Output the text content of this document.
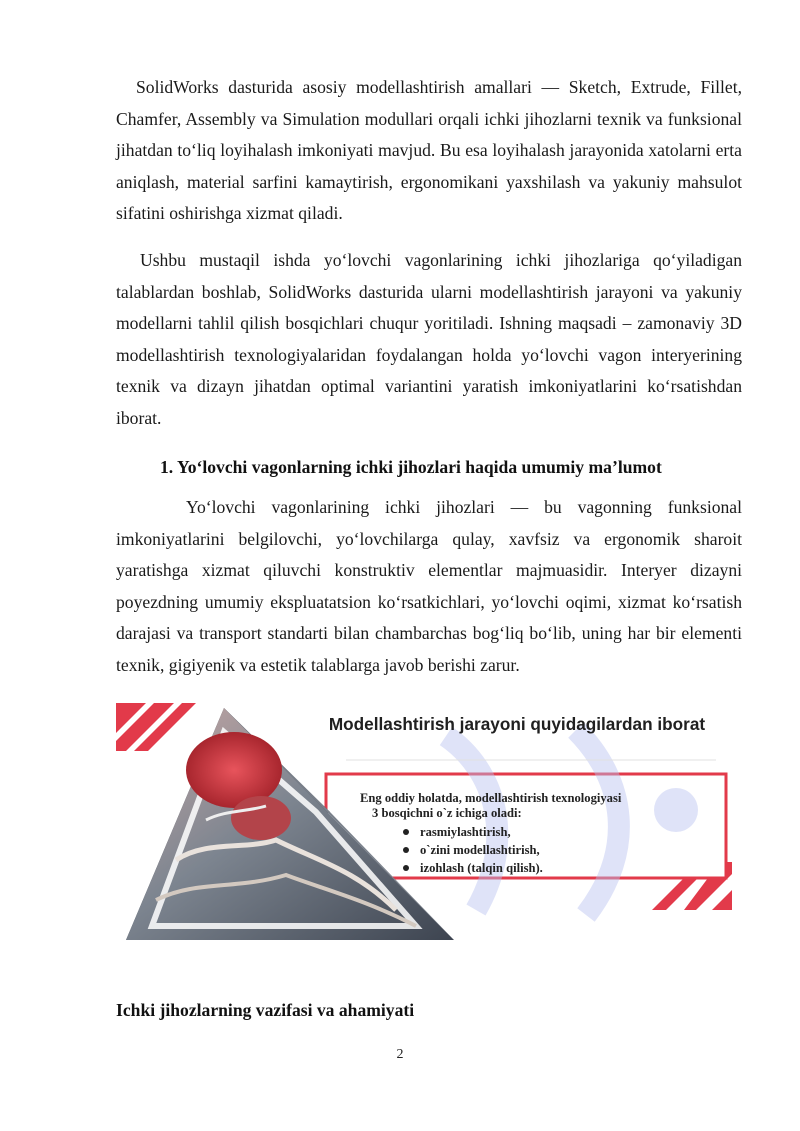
SolidWorks dasturida asosiy modellashtirish amallari — Sketch, Extrude, Fillet, Chamfer, Assembly va Simulation modullari orqali ichki jihozlarni texnik va funksional jihatdan to‘liq loyihalash imkoniyati mavjud. Bu esa loyihalash jarayonida xatolarni erta aniqlash, material sarfini kamaytirish, ergonomikani yaxshilash va yakuniy mahsulot sifatini oshirishga xizmat qiladi.

Ushbu mustaqil ishda yo‘lovchi vagonlarining ichki jihozlariga qo‘yiladigan talablardan boshlab, SolidWorks dasturida ularni modellashtirish jarayoni va yakuniy modellarni tahlil qilish bosqichlari chuqur yoritiladi. Ishning maqsadi – zamonaviy 3D modellashtirish texnologiyalaridan foydalangan holda yo‘lovchi vagon interyerining texnik va dizayn jihatdan optimal variantini yaratish imkoniyatlarini ko‘rsatishdan iborat.

1. Yo‘lovchi vagonlarning ichki jihozlari haqida umumiy ma’lumot

Yo‘lovchi vagonlarining ichki jihozlari — bu vagonning funksional imkoniyatlarini belgilovchi, yo‘lovchilarga qulay, xavfsiz va ergonomik sharoit yaratishga xizmat qiluvchi konstruktiv elementlar majmuasidir. Interyer dizayni poyezdning umumiy ekspluatatsion ko‘rsatkichlari, yo‘lovchi oqimi, xizmat ko‘rsatish darajasi va transport standarti bilan chambarchas bog‘liq bo‘lib, uning har bir elementi texnik, gigiyenik va estetik talablarga javob berishi zarur.

Modellashtirish jarayoni quyidagilardan iborat
Eng oddiy holatda, modellashtirish texnologiyasi
3 bosqichni o`z ichiga oladi:
rasmiylashtirish,
o`zini modellashtirish,
izohlash (talqin qilish).
Ichki jihozlarning vazifasi va ahamiyati
2
